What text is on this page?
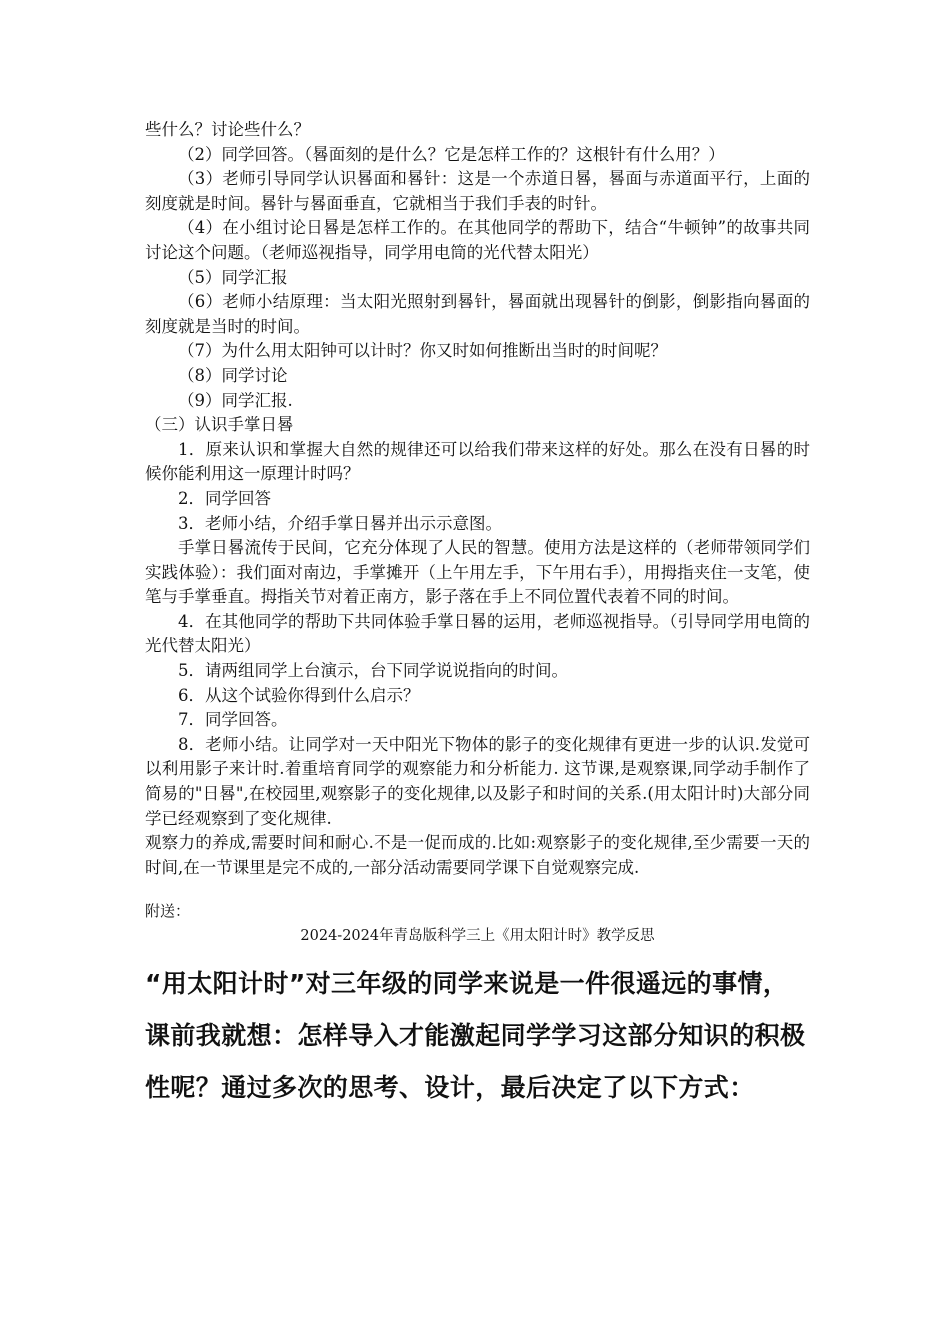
些什么？讨论些什么？

（2）同学回答。（晷面刻的是什么？它是怎样工作的？这根针有什么用？）

（3）老师引导同学认识晷面和晷针：这是一个赤道日晷，晷面与赤道面平行，上面的刻度就是时间。晷针与晷面垂直，它就相当于我们手表的时针。

（4）在小组讨论日晷是怎样工作的。在其他同学的帮助下，结合“牛顿钟”的故事共同讨论这个问题。（老师巡视指导，同学用电筒的光代替太阳光）

（5）同学汇报

（6）老师小结原理：当太阳光照射到晷针，晷面就出现晷针的倒影，倒影指向晷面的刻度就是当时的时间。

（7）为什么用太阳钟可以计时？你又时如何推断出当时的时间呢？

（8）同学讨论

（9）同学汇报.

（三）认识手掌日晷

1．原来认识和掌握大自然的规律还可以给我们带来这样的好处。那么在没有日晷的时候你能利用这一原理计时吗？

2．同学回答

3．老师小结，介绍手掌日晷并出示示意图。

手掌日晷流传于民间，它充分体现了人民的智慧。使用方法是这样的（老师带领同学们实践体验）：我们面对南边，手掌摊开（上午用左手，下午用右手），用拇指夹住一支笔，使笔与手掌垂直。拇指关节对着正南方，影子落在手上不同位置代表着不同的时间。

4．在其他同学的帮助下共同体验手掌日晷的运用，老师巡视指导。（引导同学用电筒的光代替太阳光）

5．请两组同学上台演示，台下同学说说指向的时间。

6．从这个试验你得到什么启示？

7．同学回答。

8．老师小结。让同学对一天中阳光下物体的影子的变化规律有更进一步的认识.发觉可以利用影子来计时.着重培育同学的观察能力和分析能力. 这节课,是观察课,同学动手制作了简易的"日晷",在校园里,观察影子的变化规律,以及影子和时间的关系.(用太阳计时)大部分同学已经观察到了变化规律.

观察力的养成,需要时间和耐心.不是一促而成的.比如:观察影子的变化规律,至少需要一天的时间,在一节课里是完不成的,一部分活动需要同学课下自觉观察完成.

附送：

2024-2024年青岛版科学三上《用太阳计时》教学反思

“用太阳计时”对三年级的同学来说是一件很遥远的事情，课前我就想：怎样导入才能激起同学学习这部分知识的积极性呢？通过多次的思考、设计，最后决定了以下方式：
